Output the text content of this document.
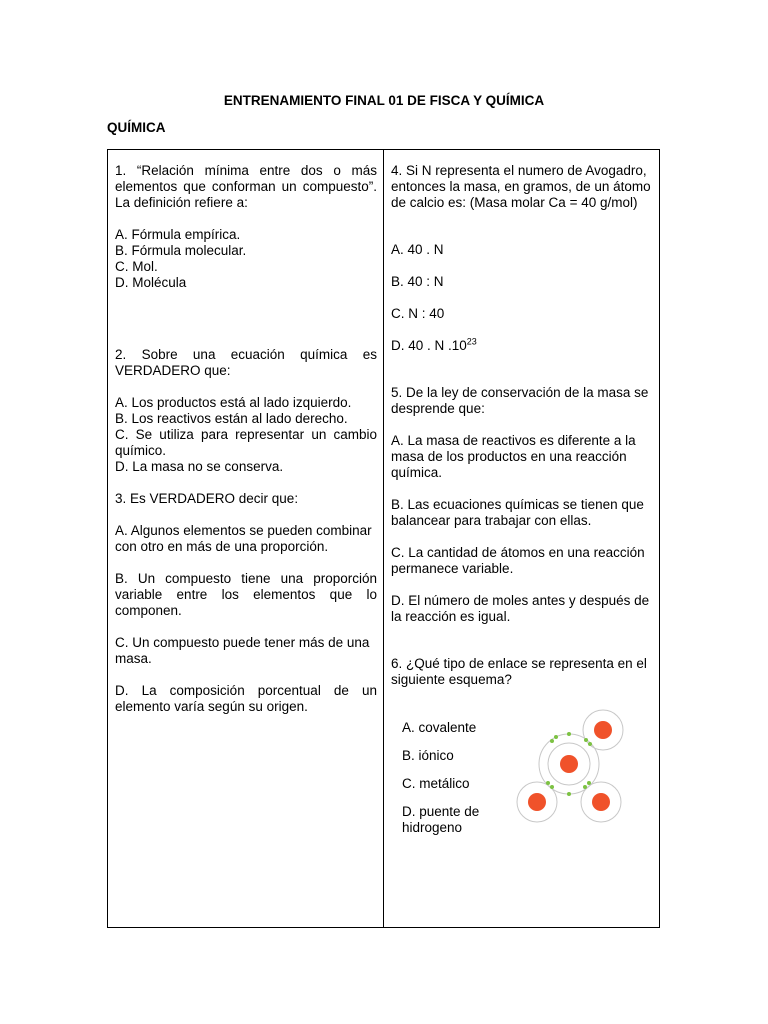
ENTRENAMIENTO FINAL 01 DE FISCA Y QUÍMICA
QUÍMICA

1. “Relación mínima entre dos o más elementos que conforman un compuesto”. La definición refiere a:

A. Fórmula empírica.

B. Fórmula molecular.

C. Mol.

D. Molécula

2. Sobre una ecuación química es VERDADERO que:

A. Los productos está al lado izquierdo.

B. Los reactivos están al lado derecho.

C. Se utiliza para representar un cambio químico.

D. La masa no se conserva.

3. Es VERDADERO decir que:

A. Algunos elementos se pueden combinar con otro en más de una proporción.

B. Un compuesto tiene una proporción variable entre los elementos que lo componen.

C. Un compuesto puede tener más de una masa.

D. La composición porcentual de un elemento varía según su origen.

4. Si N representa el numero de Avogadro, entonces la masa, en gramos, de un átomo de calcio es: (Masa molar Ca = 40 g/mol)

A. 40 . N

B. 40 : N

C. N : 40

D. 40 . N $.10^{23}$

5. De la ley de conservación de la masa se desprende que:

A. La masa de reactivos es diferente a la masa de los productos en una reacción química.

B. Las ecuaciones químicas se tienen que balancear para trabajar con ellas.

C. La cantidad de átomos en una reacción permanece variable.

D. El número de moles antes y después de la reacción es igual.

6. ¿Qué tipo de enlace se representa en el siguiente esquema?

A. covalente

B. iónico

C. metálico

D. puente de hidrogeno
